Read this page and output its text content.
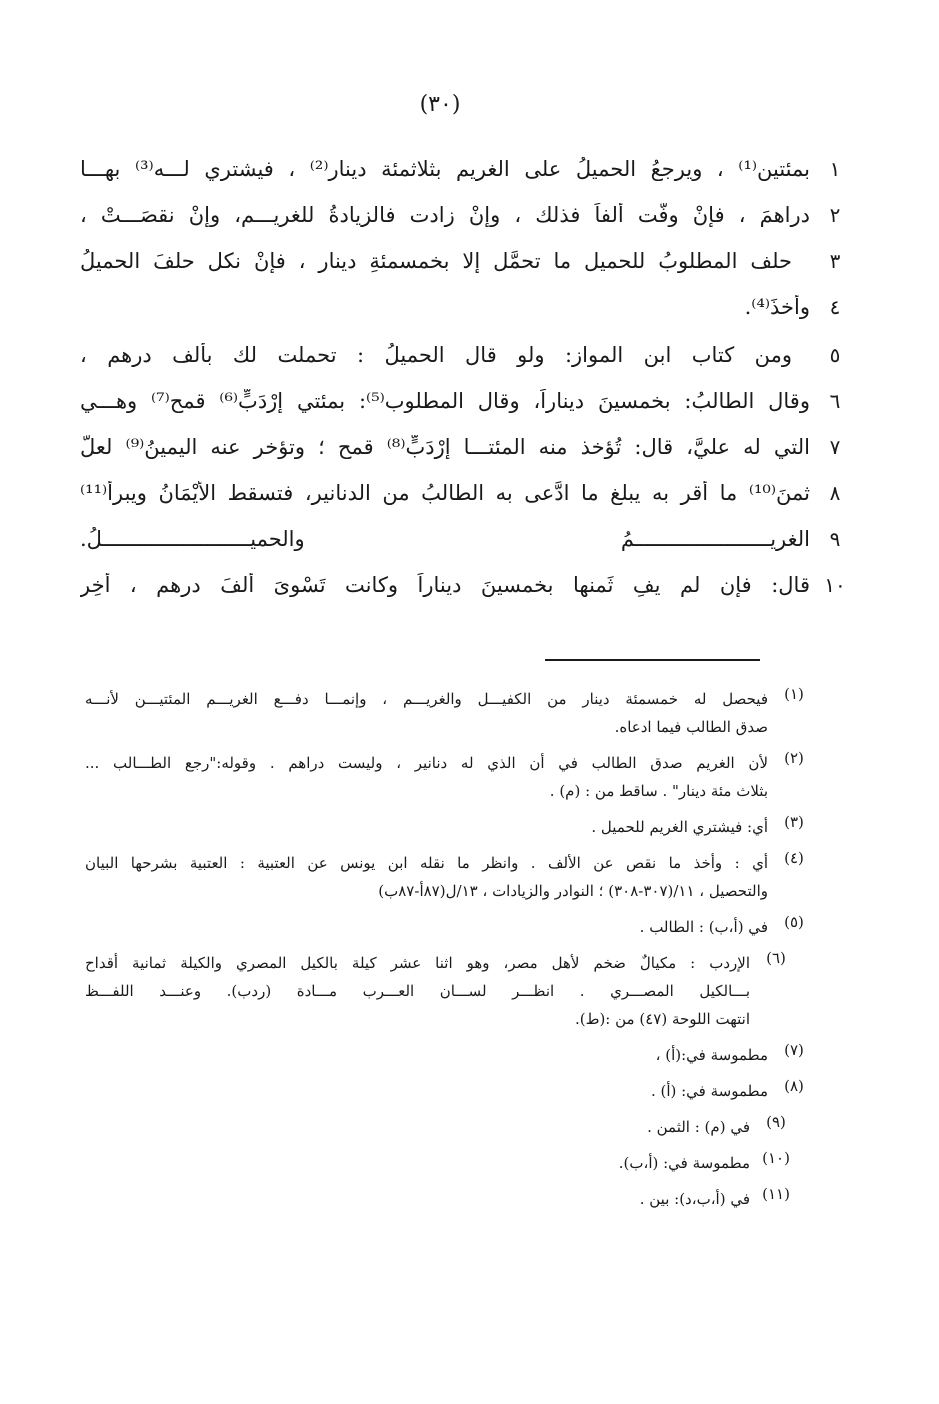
(٣٠)
١
بمئتين⁽¹⁾ ، ويرجعُ الحميلُ على الغريمِ بثلاثمئة دينار⁽²⁾ ، فيشتري لـــه⁽³⁾ بهـــا
٢
دراهمَ ، فإنْ وفّت ألفاً فذلك ، وإنْ زادت فالزيادةُ للغريـــمِ، وإنْ نقصَـــتْ ،
٣
حلف المطلوبُ للحميلِ ما تحمَّل إلا بخمسمئةِ دينارٍ ، فإنْ نكل حلفَ الحميلُ
٤
وأخذَ⁽⁴⁾.
٥
ومن كتاب ابن المواز: ولو قال الحميلُ : تحملت لك بألف درهم ،
٦
وقال الطالبُ: بخمسينَ ديناراً، وقال المطلوب⁽⁵⁾: بمئتي إرْدَبٍّ⁽⁶⁾ قمحٍ⁽⁷⁾ وهـــي
٧
التي له عليَّ، قال: تُؤخذ منه المئتـــا إرْدَبٍّ⁽⁸⁾ قمحٍ ؛ وتؤخر عنه اليمينُ⁽⁹⁾ لعلَّ
٨
ثمنَ⁽¹⁰⁾ ما أقر به يبلغ ما ادَّعى به الطالبُ من الدنانيرِ، فتسقط الأيْمَانُ ويبرأ⁽¹¹⁾
٩
الغريــــــــــــــــــــــمُ والحميــــــــــــــــــــــــلُ.
١٠
قال: فإن لم يفِ ثَمنها بخمسينَ ديناراً وكانت تَسْوىَ ألفَ درهمٍ ، أُخِر
(١)
فيحصل له خمسمئة دينار من الكفيـــل والغريـــم ، وإنمـــا دفـــع الغريـــم المئتيـــن لأنـــه
صدق الطالب فيما ادعاه.
(٢)
لأن الغريم صدق الطالب في أن الذي له دنانير ، وليست دراهم . وقوله:"رجع الطـــالب ...
بثلاث مئة دينار" . ساقط من : (م) .
(٣)
أي: فيشتري الغريم للحميل .
(٤)
أي : وأخذ ما نقص عن الألف . وانظر ما نقله ابن يونس عن العتبية : العتبية بشرحها البيان
والتحصيل ، ١١/(٣٠٧-٣٠٨) ؛ النوادر والزيادات ، ١٣/ل(٨٧أ-٨٧ب)
(٥)
في (أ،ب) : الطالب .
(٦)
الإردب : مكيالٌ ضخم لأهل مصر، وهو اثنا عشر كيلة بالكيل المصري والكيلة ثمانية أقداح
بـــالكيل المصـــري . انظـــر لســـان العـــرب مـــادة (ردب). وعنـــد اللفـــظ
انتهت اللوحة (٤٧) من :(ط).
(٧)
مطموسة في:(أ) ،
(٨)
مطموسة في: (أ) .
(٩)
في (م) : الثمن .
(١٠)
مطموسة في: (أ،ب).
(١١)
في (أ،ب،د): بين .
